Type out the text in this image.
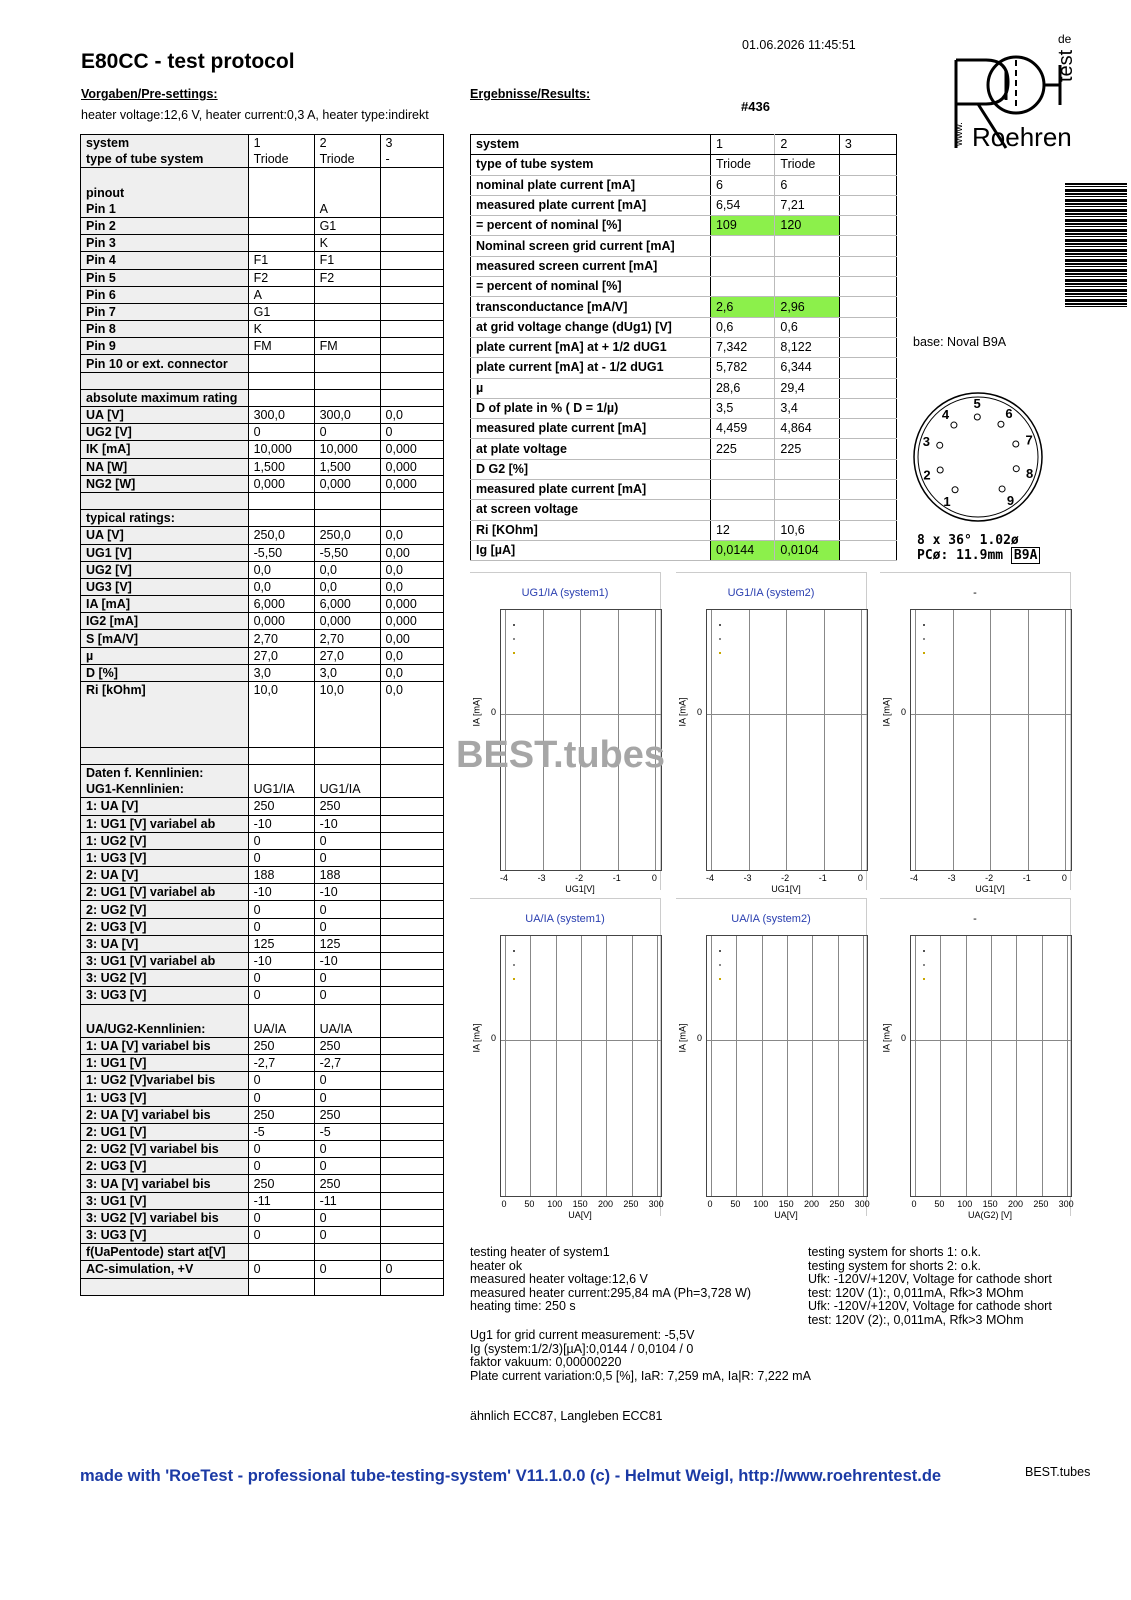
E80CC - test protocol
01.06.2026 11:45:51
#436
Vorgaben/Pre-settings:
heater voltage:12,6 V, heater current:0,3 A, heater type:indirekt
Ergebnisse/Results:
system	1	2	3
type of tube system	Triode	Triode	-

pinout			
Pin 1		A	
Pin 2		G1	
Pin 3		K	
Pin 4	F1	F1	
Pin 5	F2	F2	
Pin 6	A		
Pin 7	G1		
Pin 8	K		
Pin 9	FM	FM	
Pin 10 or ext. connector			

absolute maximum rating			
UA [V]	300,0	300,0	0,0
UG2 [V]	0	0	0
IK [mA]	10,000	10,000	0,000
NA [W]	1,500	1,500	0,000
NG2 [W]	0,000	0,000	0,000

typical ratings:			
UA [V]	250,0	250,0	0,0
UG1 [V]	-5,50	-5,50	0,00
UG2 [V]	0,0	0,0	0,0
UG3 [V]	0,0	0,0	0,0
IA [mA]	6,000	6,000	0,000
IG2 [mA]	0,000	0,000	0,000
S [mA/V]	2,70	2,70	0,00
µ	27,0	27,0	0,0
D [%]	3,0	3,0	0,0
Ri [kOhm]	10,0	10,0	0,0

Daten f. Kennlinien:			
UG1-Kennlinien:	UG1/IA	UG1/IA	
1: UA [V]	250	250	
1: UG1 [V] variabel ab	-10	-10	
1: UG2 [V]	0	0	
1: UG3 [V]	0	0	
2: UA [V]	188	188	
2: UG1 [V] variabel ab	-10	-10	
2: UG2 [V]	0	0	
2: UG3 [V]	0	0	
3: UA [V]	125	125	
3: UG1 [V] variabel ab	-10	-10	
3: UG2 [V]	0	0	
3: UG3 [V]	0	0	

UA/UG2-Kennlinien:	UA/IA	UA/IA	
1: UA [V] variabel bis	250	250	
1: UG1 [V]	-2,7	-2,7	
1: UG2 [V]variabel bis	0	0	
1: UG3 [V]	0	0	
2: UA [V] variabel bis	250	250	
2: UG1 [V]	-5	-5	
2: UG2 [V] variabel bis	0	0	
2: UG3 [V]	0	0	
3: UA [V] variabel bis	250	250	
3: UG1 [V]	-11	-11	
3: UG2 [V] variabel bis	0	0	
3: UG3 [V]	0	0	
f(UaPentode) start at[V]			
AC-simulation, +V	0	0	0

system	1	2	3
type of tube system	Triode	Triode	
nominal plate current [mA]	6	6	
measured plate current [mA]	6,54	7,21	
= percent of nominal [%]	109	120	
Nominal screen grid current [mA]			
measured screen current [mA]			
= percent of nominal [%]			
transconductance [mA/V]	2,6	2,96	
at grid voltage change (dUg1) [V]	0,6	0,6	
plate current [mA] at + 1/2 dUG1	7,342	8,122	
plate current [mA] at - 1/2 dUG1	5,782	6,344	
µ	28,6	29,4	
D of plate in % ( D = 1/µ)	3,5	3,4	
measured plate current [mA]	4,459	4,864	
at plate voltage	225	225	
D G2 [%]			
measured plate current [mA]			
at screen voltage			
Ri [KOhm]	12	10,6	
Ig [µA]	0,0144	0,0104	
de
test
www. Roehren
base: Noval B9A
1
2
3
4
5
6
7
8
9
8 x 36° 1.02ø
PCø: 11.9mm B9A
UG1/IA (system1)
-4	-3	-2	-1	0
0
IA [mA]
UG1[V]
UG1/IA (system2)
-4	-3	-2	-1	0
0
IA [mA]
UG1[V]
-
-4	-3	-2	-1	0
0
IA [mA]
UG1[V]
UA/IA (system1)
0	50	100 150 200 250 300
0
IA [mA]
UA[V]
UA/IA (system2)
0	50	100 150 200 250 300
0
IA [mA]
UA[V]
-
0	50	100 150 200 250 300
0
IA [mA]
UA(G2) [V]
BEST.tubes
testing heater of system1
heater ok
measured heater voltage:12,6 V
measured heater current:295,84 mA (Ph=3,728 W)
heating time: 250 s
testing system for shorts 1: o.k.
testing system for shorts 2: o.k.
Ufk: -120V/+120V, Voltage for cathode short
test: 120V (1):, 0,011mA, Rfk>3 MOhm
Ufk: -120V/+120V, Voltage for cathode short
test: 120V (2):, 0,011mA, Rfk>3 MOhm
Ug1 for grid current measurement: -5,5V
Ig (system:1/2/3)[µA]:0,0144 / 0,0104 / 0
faktor vakuum: 0,00000220
Plate current variation:0,5 [%], IaR: 7,259 mA, Ia|R: 7,222 mA
ähnlich ECC87, Langleben ECC81
made with 'RoeTest - professional tube-testing-system' V11.1.0.0 (c) - Helmut Weigl, http://www.roehrentest.de	BEST.tubes
